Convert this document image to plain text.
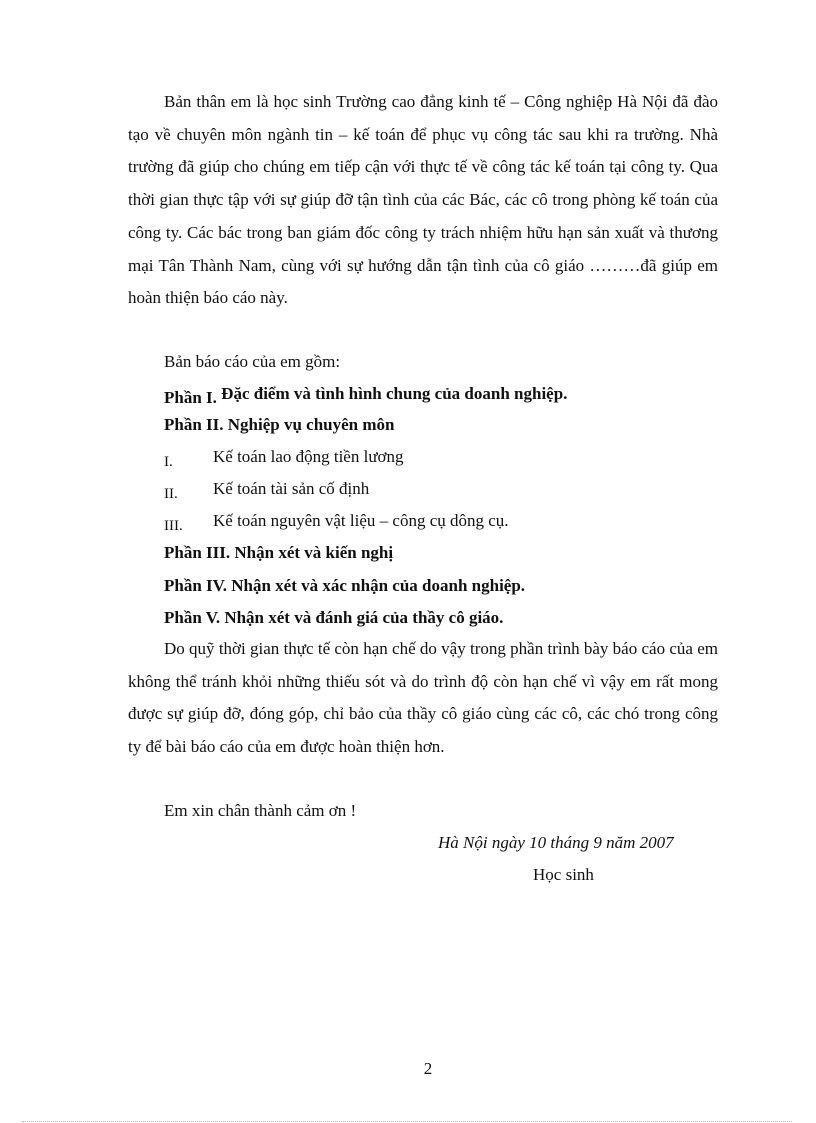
Bản thân em là học sinh Trường cao đẳng kinh tế – Công nghiệp Hà Nội đã đào tạo về chuyên môn ngành tin – kế toán để phục vụ công tác sau khi ra trường. Nhà trường đã giúp cho chúng em tiếp cận với thực tế về công tác kế toán tại công ty. Qua thời gian thực tập với sự giúp đỡ tận tình của các Bác, các cô trong phòng kế toán của công ty. Các bác trong ban giám đốc công ty trách nhiệm hữu hạn sản xuất và thương mại Tân Thành Nam, cùng với sự hướng dẫn tận tình của cô giáo ………đã giúp em hoàn thiện báo cáo này.

Bản báo cáo của em gồm:

Phần I. Đặc điểm và tình hình chung của doanh nghiệp.

Phần II. Nghiệp vụ chuyên môn

I. Kế toán lao động tiền lương
II. Kế toán tài sản cố định
III. Kế toán nguyên vật liệu – công cụ dông cụ.

Phần III. Nhận xét và kiến nghị

Phần IV. Nhận xét và xác nhận của doanh nghiệp.

Phần V. Nhận xét và đánh giá của thầy cô giáo.

Do quỹ thời gian thực tế còn hạn chế do vậy trong phần trình bày báo cáo của em không thể tránh khỏi những thiếu sót và do trình độ còn hạn chế vì vậy em rất mong được sự giúp đỡ, đóng góp, chỉ bảo của thầy cô giáo cùng các cô, các chó trong công ty để bài báo cáo của em được hoàn thiện hơn.

Em xin chân thành cảm ơn !

Hà Nội ngày 10 tháng 9 năm 2007

Học sinh

2
